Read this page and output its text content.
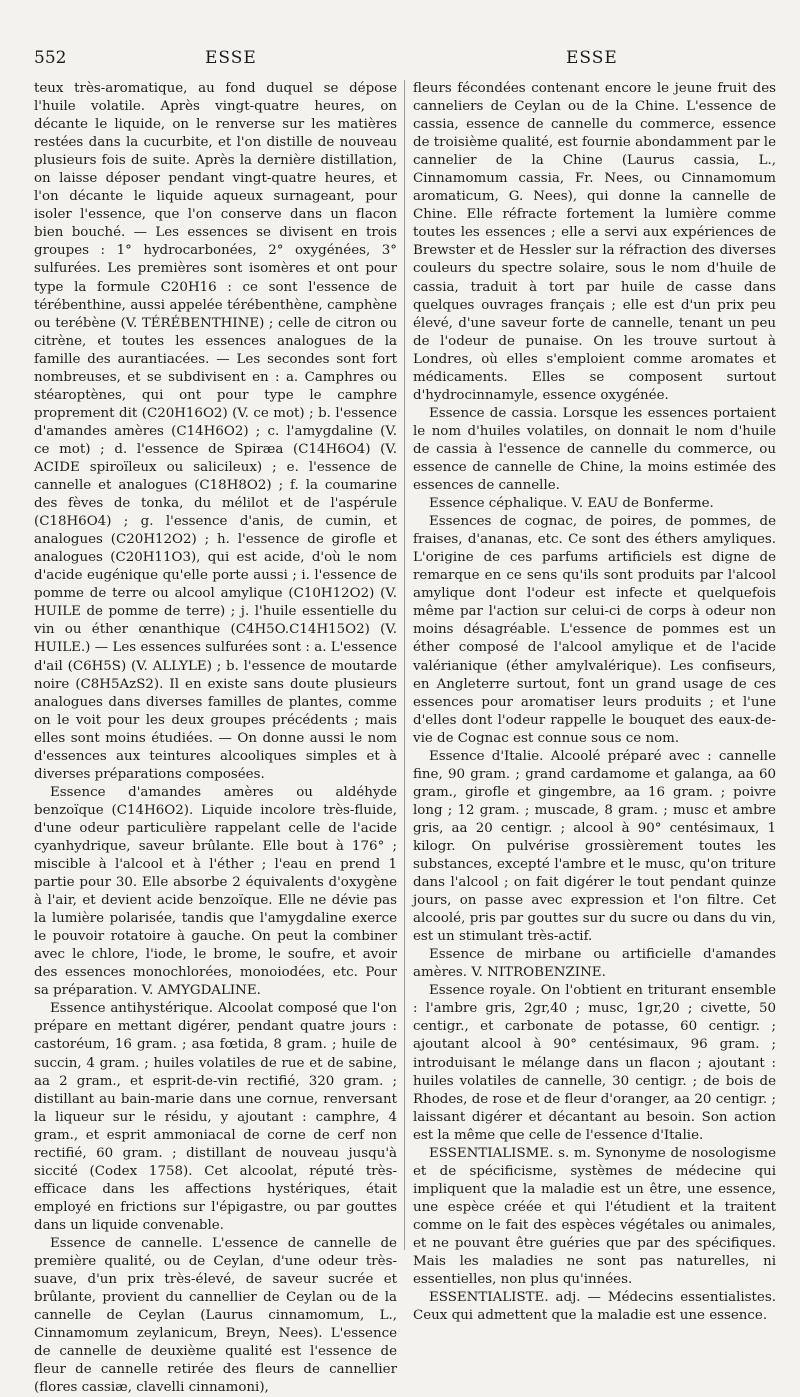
552	ESSE	ESSE

teux très-aromatique, au fond duquel se dépose l'huile volatile. Après vingt-quatre heures, on décante le liquide, on le renverse sur les matières restées dans la cucurbite, et l'on distille de nouveau plusieurs fois de suite. Après la dernière distillation, on laisse déposer pendant vingt-quatre heures, et l'on décante le liquide aqueux surnageant, pour isoler l'essence, que l'on conserve dans un flacon bien bouché. — Les essences se divisent en trois groupes : 1° hydrocarbonées, 2° oxygénées, 3° sulfurées. Les premières sont isomères et ont pour type la formule C20H16 : ce sont l'essence de térébenthine, aussi appelée térébenthène, camphène ou terébène (V. TÉRÉBENTHINE) ; celle de citron ou citrène, et toutes les essences analogues de la famille des aurantiacées. — Les secondes sont fort nombreuses, et se subdivisent en : a. Camphres ou stéaroptènes, qui ont pour type le camphre proprement dit (C20H16O2) (V. ce mot) ; b. l'essence d'amandes amères (C14H6O2) ; c. l'amygdaline (V. ce mot) ; d. l'essence de Spiræa (C14H6O4) (V. ACIDE spiroïleux ou salicileux) ; e. l'essence de cannelle et analogues (C18H8O2) ; f. la coumarine des fèves de tonka, du mélilot et de l'aspérule (C18H6O4) ; g. l'essence d'anis, de cumin, et analogues (C20H12O2) ; h. l'essence de girofle et analogues (C20H11O3), qui est acide, d'où le nom d'acide eugénique qu'elle porte aussi ; i. l'essence de pomme de terre ou alcool amylique (C10H12O2) (V. HUILE de pomme de terre) ; j. l'huile essentielle du vin ou éther œnanthique (C4H5O.C14H15O2) (V. HUILE.) — Les essences sulfurées sont : a. L'essence d'ail (C6H5S) (V. ALLYLE) ; b. l'essence de moutarde noire (C8H5AzS2). Il en existe sans doute plusieurs analogues dans diverses familles de plantes, comme on le voit pour les deux groupes précédents ; mais elles sont moins étudiées. — On donne aussi le nom d'essences aux teintures alcooliques simples et à diverses préparations composées.

Essence d'amandes amères ou aldéhyde benzoïque (C14H6O2). Liquide incolore très-fluide, d'une odeur particulière rappelant celle de l'acide cyanhydrique, saveur brûlante. Elle bout à 176° ; miscible à l'alcool et à l'éther ; l'eau en prend 1 partie pour 30. Elle absorbe 2 équivalents d'oxygène à l'air, et devient acide benzoïque. Elle ne dévie pas la lumière polarisée, tandis que l'amygdaline exerce le pouvoir rotatoire à gauche. On peut la combiner avec le chlore, l'iode, le brome, le soufre, et avoir des essences monochlorées, monoiodées, etc. Pour sa préparation. V. AMYGDALINE.

Essence antihystérique. Alcoolat composé que l'on prépare en mettant digérer, pendant quatre jours : castoréum, 16 gram. ; asa fœtida, 8 gram. ; huile de succin, 4 gram. ; huiles volatiles de rue et de sabine, aa 2 gram., et esprit-de-vin rectifié, 320 gram. ; distillant au bain-marie dans une cornue, renversant la liqueur sur le résidu, y ajoutant : camphre, 4 gram., et esprit ammoniacal de corne de cerf non rectifié, 60 gram. ; distillant de nouveau jusqu'à siccité (Codex 1758). Cet alcoolat, réputé très-efficace dans les affections hystériques, était employé en frictions sur l'épigastre, ou par gouttes dans un liquide convenable.

Essence de cannelle. L'essence de cannelle de première qualité, ou de Ceylan, d'une odeur très-suave, d'un prix très-élevé, de saveur sucrée et brûlante, provient du cannellier de Ceylan ou de la cannelle de Ceylan (Laurus cinnamomum, L., Cinnamomum zeylanicum, Breyn, Nees). L'essence de cannelle de deuxième qualité est l'essence de fleur de cannelle retirée des fleurs de cannellier (flores cassiæ, clavelli cinnamoni),

fleurs fécondées contenant encore le jeune fruit des canneliers de Ceylan ou de la Chine. L'essence de cassia, essence de cannelle du commerce, essence de troisième qualité, est fournie abondamment par le cannelier de la Chine (Laurus cassia, L., Cinnamomum cassia, Fr. Nees, ou Cinnamomum aromaticum, G. Nees), qui donne la cannelle de Chine. Elle réfracte fortement la lumière comme toutes les essences ; elle a servi aux expériences de Brewster et de Hessler sur la réfraction des diverses couleurs du spectre solaire, sous le nom d'huile de cassia, traduit à tort par huile de casse dans quelques ouvrages français ; elle est d'un prix peu élevé, d'une saveur forte de cannelle, tenant un peu de l'odeur de punaise. On les trouve surtout à Londres, où elles s'emploient comme aromates et médicaments. Elles se composent surtout d'hydrocinnamyle, essence oxygénée.

Essence de cassia. Lorsque les essences portaient le nom d'huiles volatiles, on donnait le nom d'huile de cassia à l'essence de cannelle du commerce, ou essence de cannelle de Chine, la moins estimée des essences de cannelle.

Essence céphalique. V. EAU de Bonferme.

Essences de cognac, de poires, de pommes, de fraises, d'ananas, etc. Ce sont des éthers amyliques. L'origine de ces parfums artificiels est digne de remarque en ce sens qu'ils sont produits par l'alcool amylique dont l'odeur est infecte et quelquefois même par l'action sur celui-ci de corps à odeur non moins désagréable. L'essence de pommes est un éther composé de l'alcool amylique et de l'acide valérianique (éther amylvalérique). Les confiseurs, en Angleterre surtout, font un grand usage de ces essences pour aromatiser leurs produits ; et l'une d'elles dont l'odeur rappelle le bouquet des eaux-de-vie de Cognac est connue sous ce nom.

Essence d'Italie. Alcoolé préparé avec : cannelle fine, 90 gram. ; grand cardamome et galanga, aa 60 gram., girofle et gingembre, aa 16 gram. ; poivre long ; 12 gram. ; muscade, 8 gram. ; musc et ambre gris, aa 20 centigr. ; alcool à 90° centésimaux, 1 kilogr. On pulvérise grossièrement toutes les substances, excepté l'ambre et le musc, qu'on triture dans l'alcool ; on fait digérer le tout pendant quinze jours, on passe avec expression et l'on filtre. Cet alcoolé, pris par gouttes sur du sucre ou dans du vin, est un stimulant très-actif.

Essence de mirbane ou artificielle d'amandes amères. V. NITROBENZINE.

Essence royale. On l'obtient en triturant ensemble : l'ambre gris, 2gr,40 ; musc, 1gr,20 ; civette, 50 centigr., et carbonate de potasse, 60 centigr. ; ajoutant alcool à 90° centésimaux, 96 gram. ; introduisant le mélange dans un flacon ; ajoutant : huiles volatiles de cannelle, 30 centigr. ; de bois de Rhodes, de rose et de fleur d'oranger, aa 20 centigr. ; laissant digérer et décantant au besoin. Son action est la même que celle de l'essence d'Italie.

ESSENTIALISME. s. m. Synonyme de nosologisme et de spécificisme, systèmes de médecine qui impliquent que la maladie est un être, une essence, une espèce créée et qui l'étudient et la traitent comme on le fait des espèces végétales ou animales, et ne pouvant être guéries que par des spécifiques. Mais les maladies ne sont pas naturelles, ni essentielles, non plus qu'innées.

ESSENTIALISTE. adj. — Médecins essentialistes. Ceux qui admettent que la maladie est une essence.
